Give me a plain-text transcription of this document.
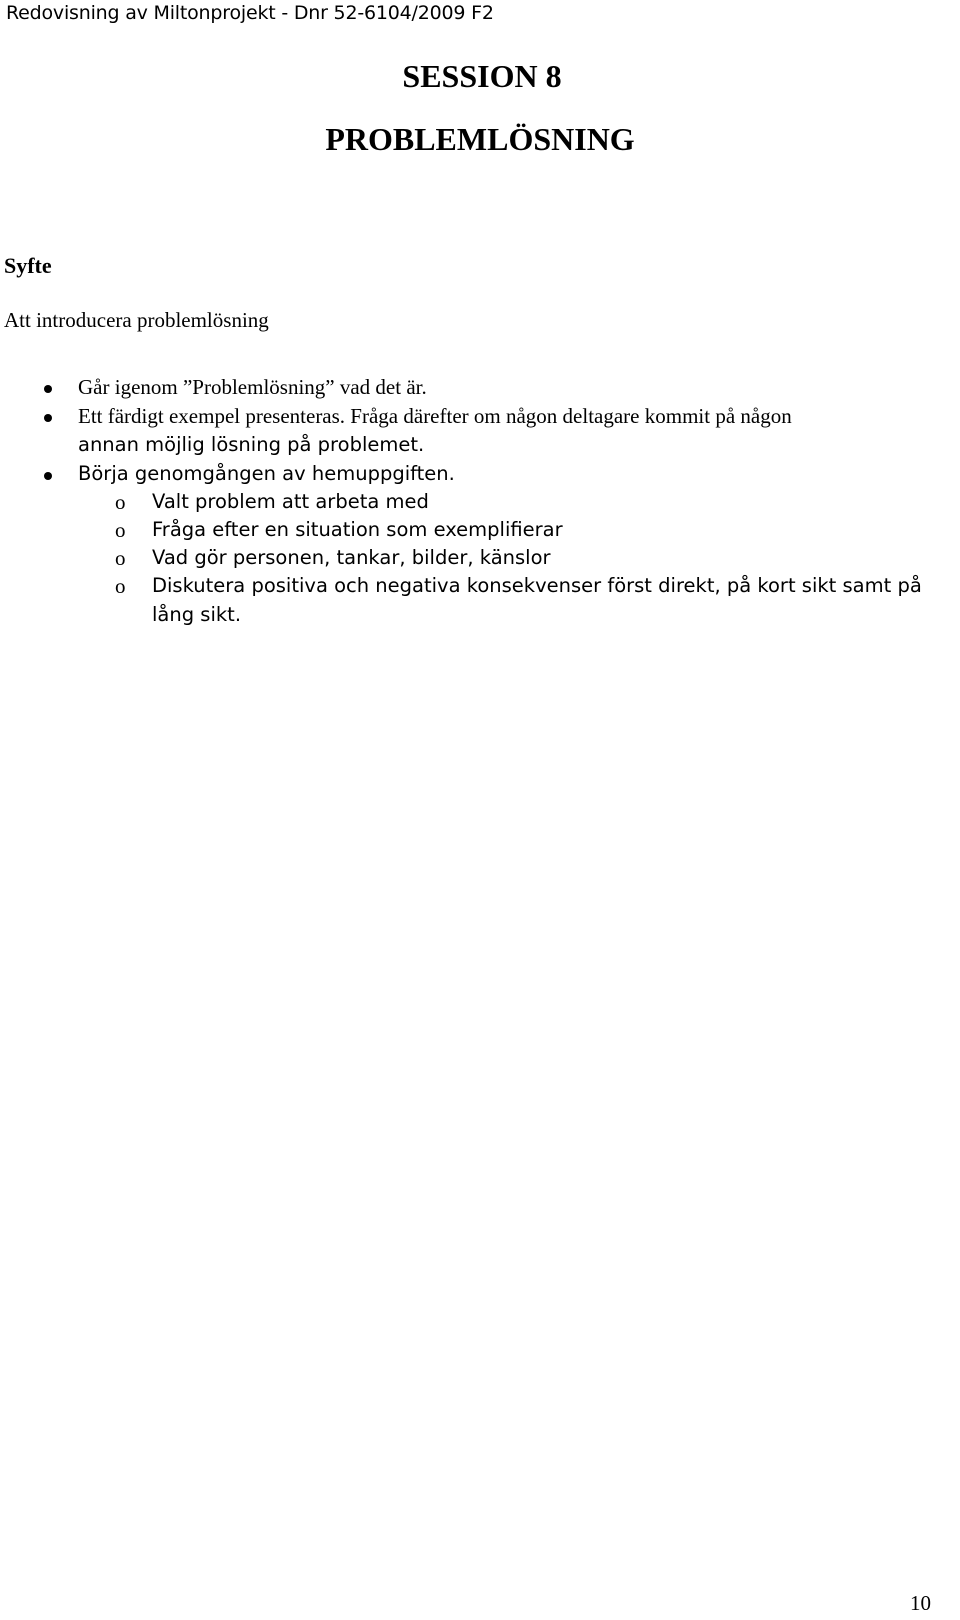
Redovisning av Miltonprojekt - Dnr 52-6104/2009 F2
SESSION 8
PROBLEMLÖSNING
Syfte
Att introducera problemlösning
Går igenom ”Problemlösning” vad det är.
Ett färdigt exempel presenteras. Fråga därefter om någon deltagare kommit på någon
annan möjlig lösning på problemet.
Börja genomgången av hemuppgiften.
o Valt problem att arbeta med
o Fråga efter en situation som exemplifierar
o Vad gör personen, tankar, bilder, känslor
o Diskutera positiva och negativa konsekvenser först direkt, på kort sikt samt på
lång sikt.
10
